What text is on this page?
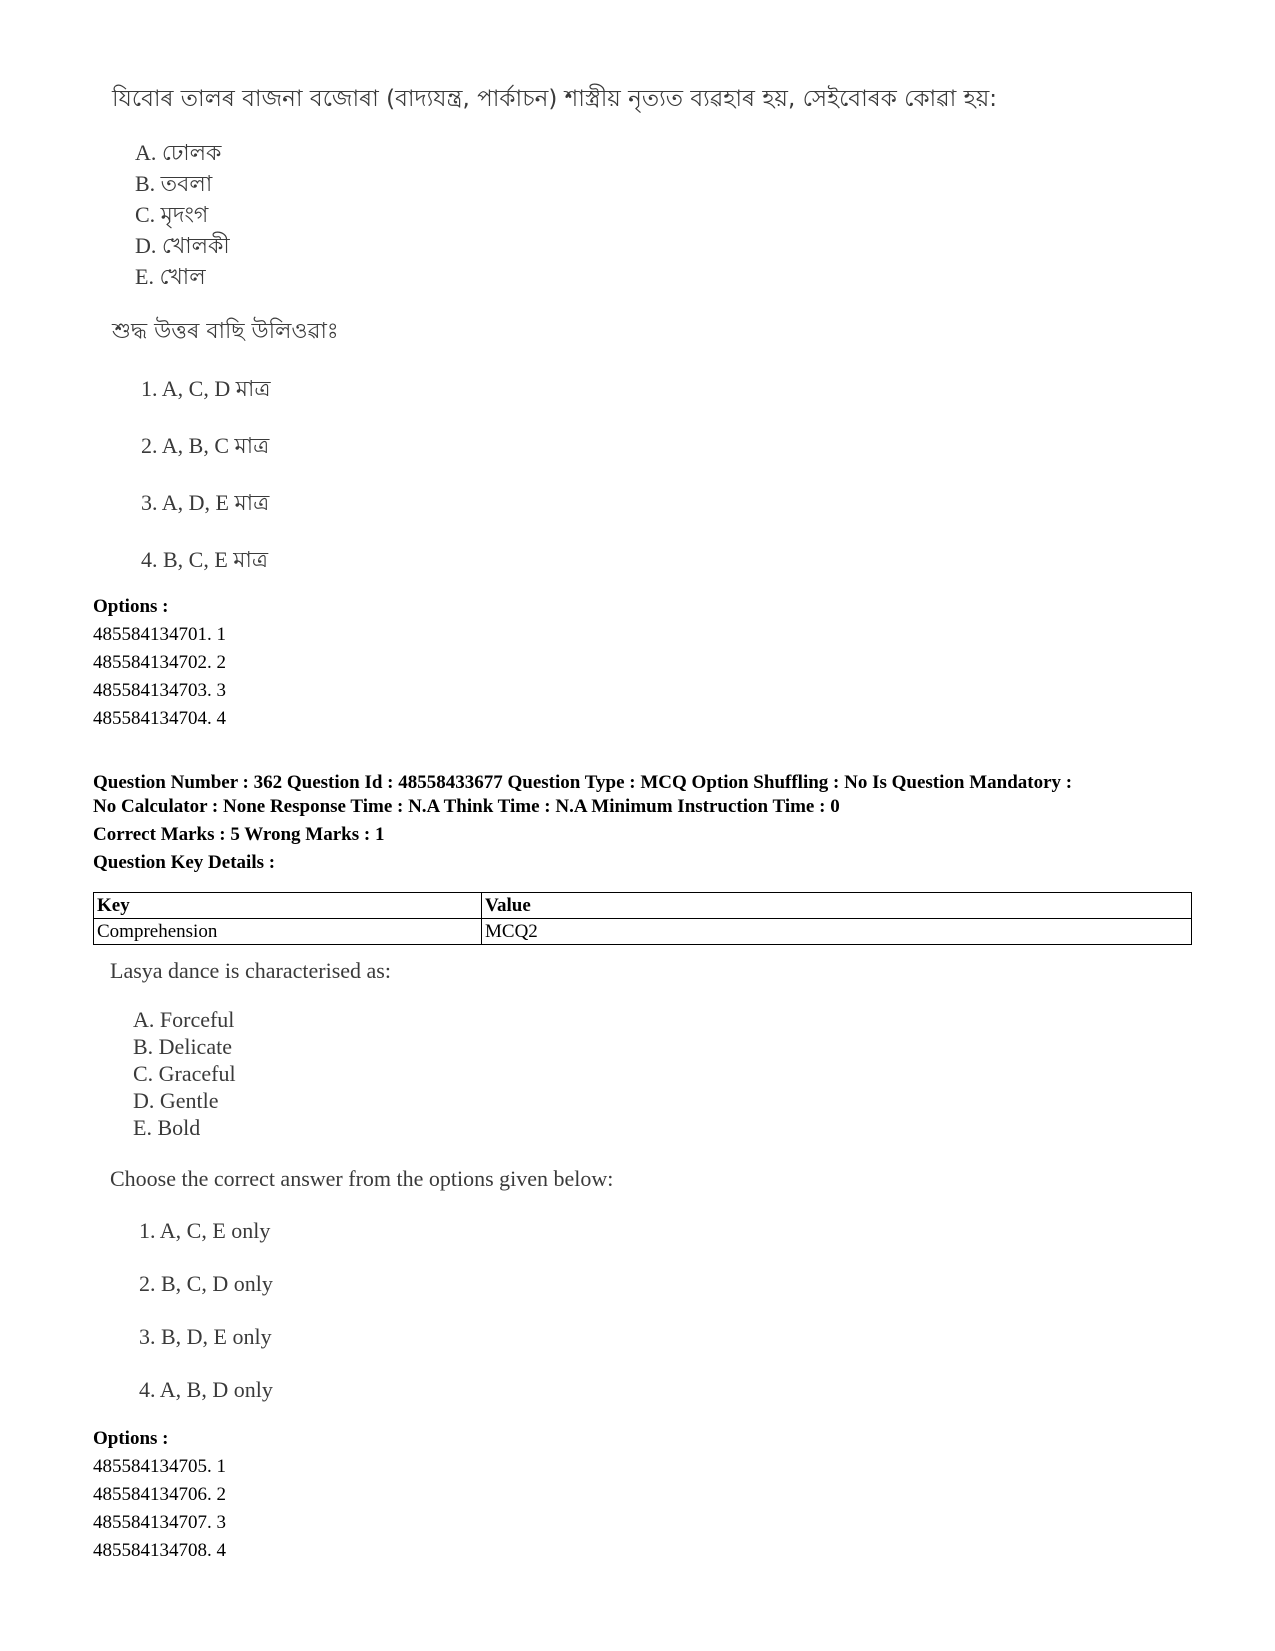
যিবোৰ তালৰ বাজনা বজোৰা (বাদ্যযন্ত্ৰ, পাৰ্কাচন) শাস্ত্ৰীয় নৃত্যত ব্যৱহাৰ হয়, সেইবোৰক কোৱা হয়:
A. ঢোলক
B. তবলা
C. মৃদংগ
D. খোলকী
E. খোল
শুদ্ধ উত্তৰ বাছি উলিওৱাঃ
1. A, C, D মাত্ৰ
2. A, B, C মাত্ৰ
3. A, D, E মাত্ৰ
4. B, C, E মাত্ৰ
Options :
485584134701. 1
485584134702. 2
485584134703. 3
485584134704. 4
Question Number : 362 Question Id : 48558433677 Question Type : MCQ Option Shuffling : No Is Question Mandatory :
No Calculator : None Response Time : N.A Think Time : N.A Minimum Instruction Time : 0
Correct Marks : 5 Wrong Marks : 1
Question Key Details :
Key	Value
Comprehension	MCQ2
Lasya dance is characterised as:
A. Forceful
B. Delicate
C. Graceful
D. Gentle
E. Bold
Choose the correct answer from the options given below:
1. A, C, E only
2. B, C, D only
3. B, D, E only
4. A, B, D only
Options :
485584134705. 1
485584134706. 2
485584134707. 3
485584134708. 4
